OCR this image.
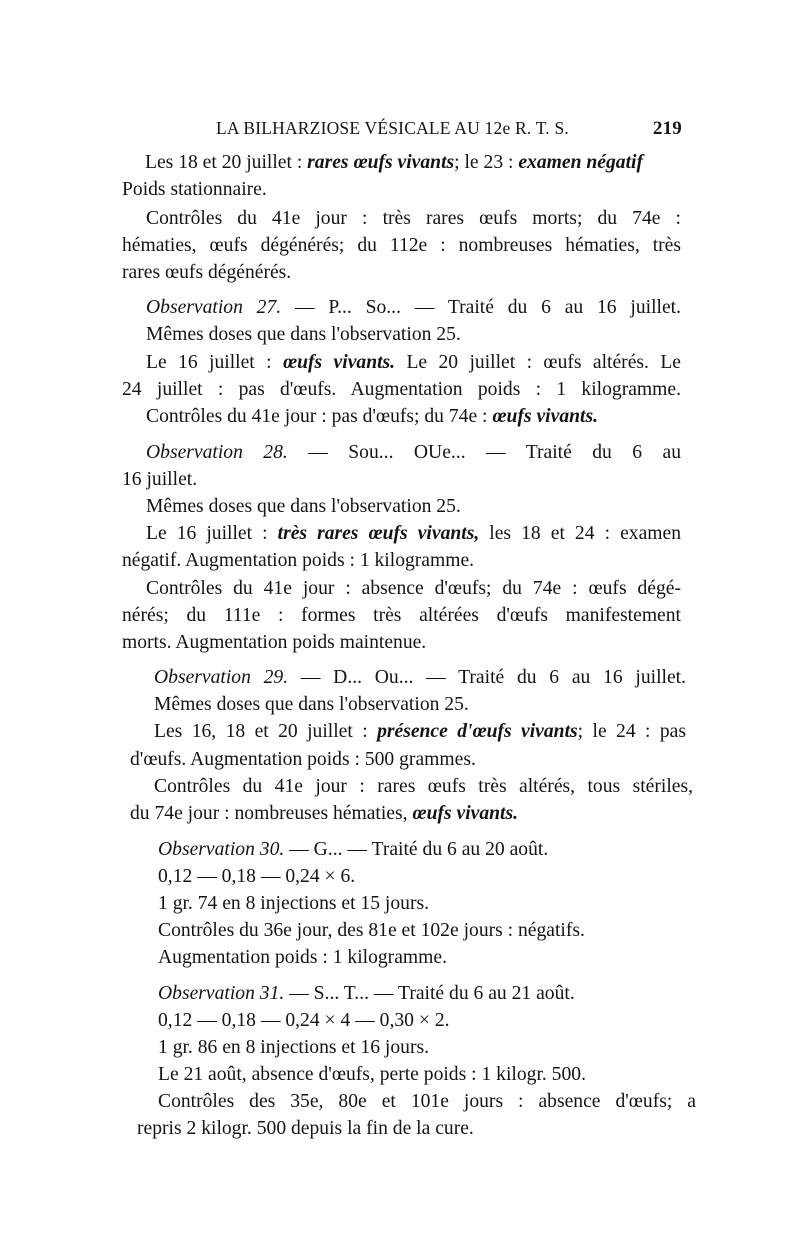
LA BILHARZIOSE VÉSICALE AU 12e R. T. S.	219
Les 18 et 20 juillet : rares œufs vivants; le 23 : examen négatif
Poids stationnaire.
Contrôles du 41e jour : très rares œufs morts; du 74e :
hématies, œufs dégénérés; du 112e : nombreuses hématies, très
rares œufs dégénérés.
Observation 27. — P... So... — Traité du 6 au 16 juillet.
Mêmes doses que dans l'observation 25.
Le 16 juillet : œufs vivants. Le 20 juillet : œufs altérés. Le
24 juillet : pas d'œufs. Augmentation poids : 1 kilogramme.
Contrôles du 41e jour : pas d'œufs; du 74e : œufs vivants.
Observation 28. — Sou... OUe... — Traité du 6 au
16 juillet.
Mêmes doses que dans l'observation 25.
Le 16 juillet : très rares œufs vivants, les 18 et 24 : examen
négatif. Augmentation poids : 1 kilogramme.
Contrôles du 41e jour : absence d'œufs; du 74e : œufs dégé-
nérés; du 111e : formes très altérées d'œufs manifestement
morts. Augmentation poids maintenue.
Observation 29. — D... Ou... — Traité du 6 au 16 juillet.
Mêmes doses que dans l'observation 25.
Les 16, 18 et 20 juillet : présence d'œufs vivants; le 24 : pas
d'œufs. Augmentation poids : 500 grammes.
Contrôles du 41e jour : rares œufs très altérés, tous stériles,
du 74e jour : nombreuses hématies, œufs vivants.
Observation 30. — G... — Traité du 6 au 20 août.
0,12 — 0,18 — 0,24 × 6.
1 gr. 74 en 8 injections et 15 jours.
Contrôles du 36e jour, des 81e et 102e jours : négatifs.
Augmentation poids : 1 kilogramme.
Observation 31. — S... T... — Traité du 6 au 21 août.
0,12 — 0,18 — 0,24 × 4 — 0,30 × 2.
1 gr. 86 en 8 injections et 16 jours.
Le 21 août, absence d'œufs, perte poids : 1 kilogr. 500.
Contrôles des 35e, 80e et 101e jours : absence d'œufs; a
repris 2 kilogr. 500 depuis la fin de la cure.
